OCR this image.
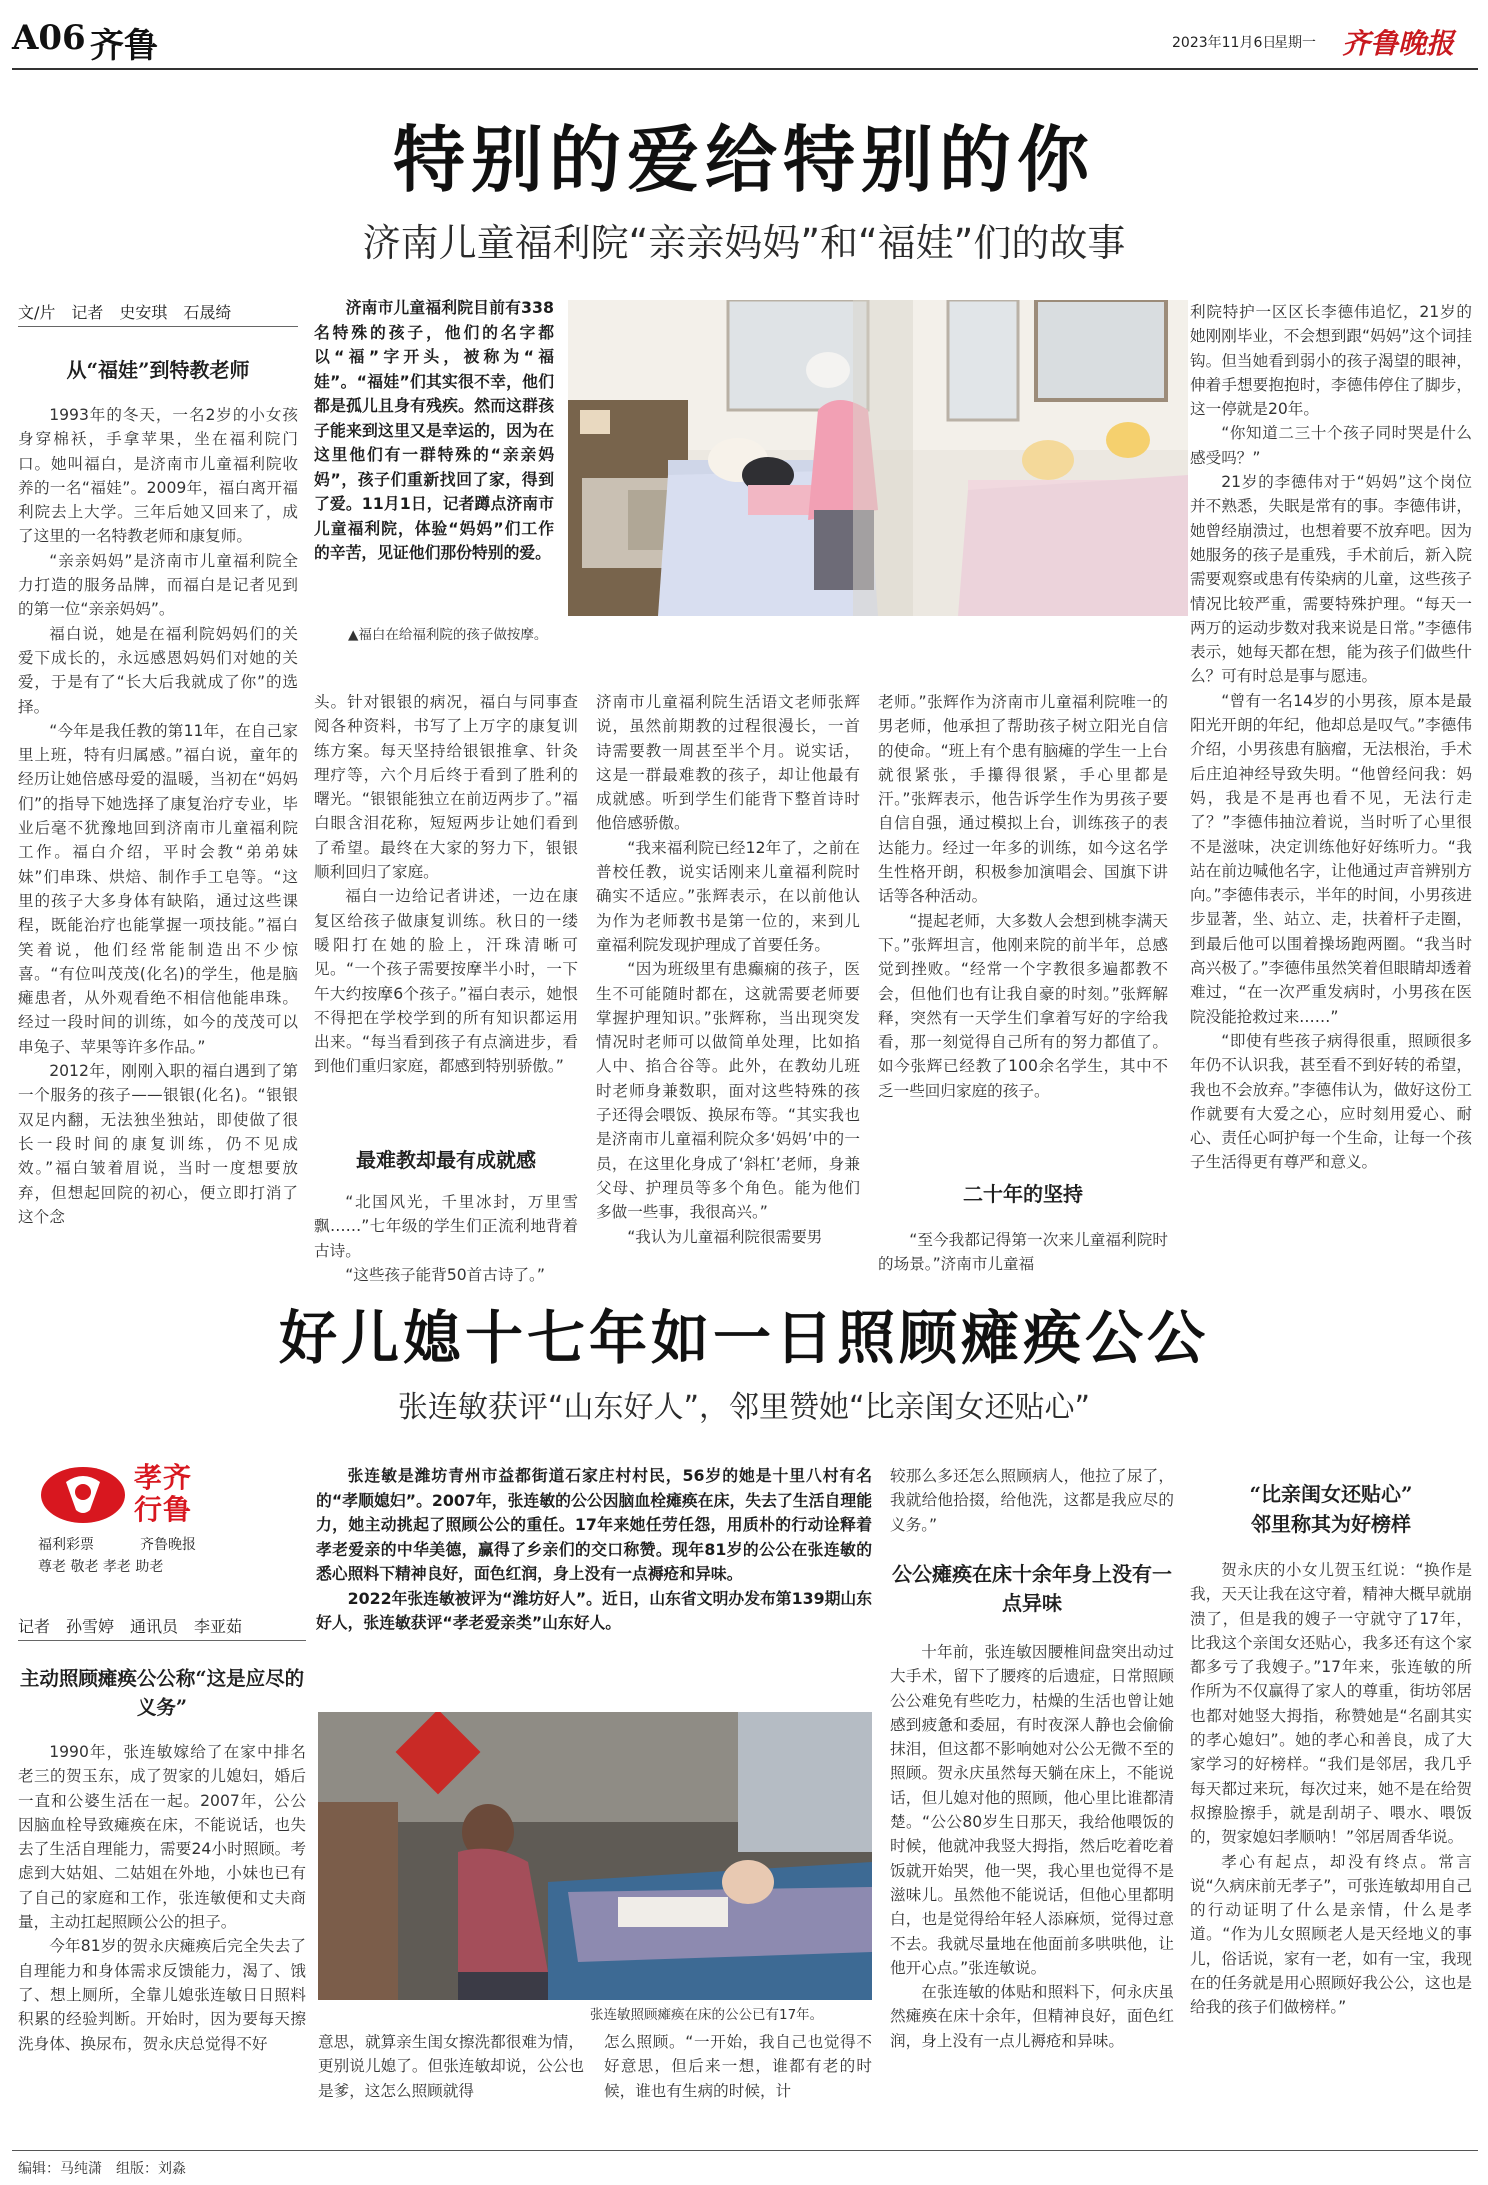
A06 齐鲁	2023年11月6日
星期一 齐鲁晚报
特别的爱给特别的你
济南儿童福利院“亲亲妈妈”和“福娃”们的故事
文/片　记者　史安琪　石晟绮
从“福娃”到特教老师

1993年的冬天，一名2岁的小女孩身穿棉袄，手拿苹果，坐在福利院门口。她叫福白，是济南市儿童福利院收养的一名“福娃”。2009年，福白离开福利院去上大学。三年后她又回来了，成了这里的一名特教老师和康复师。

“亲亲妈妈”是济南市儿童福利院全力打造的服务品牌，而福白是记者见到的第一位“亲亲妈妈”。

福白说，她是在福利院妈妈们的关爱下成长的，永远感恩妈妈们对她的关爱，于是有了“长大后我就成了你”的选择。

“今年是我任教的第11年，在自己家里上班，特有归属感。”福白说，童年的经历让她倍感母爱的温暖，当初在“妈妈们”的指导下她选择了康复治疗专业，毕业后毫不犹豫地回到济南市儿童福利院工作。福白介绍，平时会教“弟弟妹妹”们串珠、烘焙、制作手工皂等。“这里的孩子大多身体有缺陷，通过这些课程，既能治疗也能掌握一项技能。”福白笑着说，他们经常能制造出不少惊喜。“有位叫茂茂(化名)的学生，他是脑瘫患者，从外观看绝不相信他能串珠。经过一段时间的训练，如今的茂茂可以串兔子、苹果等许多作品。”

2012年，刚刚入职的福白遇到了第一个服务的孩子——银银(化名)。“银银双足内翻，无法独坐独站，即使做了很长一段时间的康复训练，仍不见成效。”福白皱着眉说，当时一度想要放弃，但想起回院的初心，便立即打消了这个念

济南市儿童福利院目前有338名特殊的孩子，他们的名字都以“福”字开头，被称为“福娃”。“福娃”们其实很不幸，他们都是孤儿且身有残疾。然而这群孩子能来到这里又是幸运的，因为在这里他们有一群特殊的“亲亲妈妈”，孩子们重新找回了家，得到了爱。11月1日，记者蹲点济南市儿童福利院，体验“妈妈”们工作的辛苦，见证他们那份特别的爱。

▲福白在给福利院的孩子做按摩。

头。针对银银的病况，福白与同事查阅各种资料，书写了上万字的康复训练方案。每天坚持给银银推拿、针灸理疗等，六个月后终于看到了胜利的曙光。“银银能独立在前迈两步了。”福白眼含泪花称，短短两步让她们看到了希望。最终在大家的努力下，银银顺利回归了家庭。

福白一边给记者讲述，一边在康复区给孩子做康复训练。秋日的一缕暖阳打在她的脸上，汗珠清晰可见。“一个孩子需要按摩半小时，一下午大约按摩6个孩子。”福白表示，她恨不得把在学校学到的所有知识都运用出来。“每当看到孩子有点滴进步，看到他们重归家庭，都感到特别骄傲。”

最难教却最有成就感

“北国风光，千里冰封，万里雪飘……”七年级的学生们正流利地背着古诗。

“这些孩子能背50首古诗了。”

济南市儿童福利院生活语文老师张辉说，虽然前期教的过程很漫长，一首诗需要教一周甚至半个月。说实话，这是一群最难教的孩子，却让他最有成就感。听到学生们能背下整首诗时他倍感骄傲。

“我来福利院已经12年了，之前在普校任教，说实话刚来儿童福利院时确实不适应。”张辉表示，在以前他认为作为老师教书是第一位的，来到儿童福利院发现护理成了首要任务。

“因为班级里有患癫痫的孩子，医生不可能随时都在，这就需要老师要掌握护理知识。”张辉称，当出现突发情况时老师可以做简单处理，比如掐人中、掐合谷等。此外，在教幼儿班时老师身兼数职，面对这些特殊的孩子还得会喂饭、换尿布等。“其实我也是济南市儿童福利院众多‘妈妈’中的一员，在这里化身成了‘斜杠’老师，身兼父母、护理员等多个角色。能为他们多做一些事，我很高兴。”

“我认为儿童福利院很需要男

老师。”张辉作为济南市儿童福利院唯一的男老师，他承担了帮助孩子树立阳光自信的使命。“班上有个患有脑瘫的学生一上台就很紧张，手攥得很紧，手心里都是汗。”张辉表示，他告诉学生作为男孩子要自信自强，通过模拟上台，训练孩子的表达能力。经过一年多的训练，如今这名学生性格开朗，积极参加演唱会、国旗下讲话等各种活动。

“提起老师，大多数人会想到桃李满天下。”张辉坦言，他刚来院的前半年，总感觉到挫败。“经常一个字教很多遍都教不会，但他们也有让我自豪的时刻。”张辉解释，突然有一天学生们拿着写好的字给我看，那一刻觉得自己所有的努力都值了。如今张辉已经教了100余名学生，其中不乏一些回归家庭的孩子。

二十年的坚持

“至今我都记得第一次来儿童福利院时的场景。”济南市儿童福

利院特护一区区长李德伟追忆，21岁的她刚刚毕业，不会想到跟“妈妈”这个词挂钩。但当她看到弱小的孩子渴望的眼神，伸着手想要抱抱时，李德伟停住了脚步，这一停就是20年。

“你知道二三十个孩子同时哭是什么感受吗？”

21岁的李德伟对于“妈妈”这个岗位并不熟悉，失眠是常有的事。李德伟讲，她曾经崩溃过，也想着要不放弃吧。因为她服务的孩子是重残，手术前后，新入院需要观察或患有传染病的儿童，这些孩子情况比较严重，需要特殊护理。“每天一两万的运动步数对我来说是日常。”李德伟表示，她每天都在想，能为孩子们做些什么？可有时总是事与愿违。

“曾有一名14岁的小男孩，原本是最阳光开朗的年纪，他却总是叹气。”李德伟介绍，小男孩患有脑瘤，无法根治，手术后庄迫神经导致失明。“他曾经问我：妈妈，我是不是再也看不见，无法行走了？”李德伟抽泣着说，当时听了心里很不是滋味，决定训练他好好练听力。“我站在前边喊他名字，让他通过声音辨别方向。”李德伟表示，半年的时间，小男孩进步显著，坐、站立、走，扶着杆子走圈，到最后他可以围着操场跑两圈。“我当时高兴极了。”李德伟虽然笑着但眼睛却透着难过，“在一次严重发病时，小男孩在医院没能抢救过来……”

“即使有些孩子病得很重，照顾很多年仍不认识我，甚至看不到好转的希望，我也不会放弃。”李德伟认为，做好这份工作就要有大爱之心，应时刻用爱心、耐心、责任心呵护每一个生命，让每一个孩子生活得更有尊严和意义。

好儿媳十七年如一日照顾瘫痪公公
张连敏获评“山东好人”，邻里赞她“比亲闺女还贴心”
孝齐行鲁
福利彩票	齐鲁晚报
尊老 敬老 孝老 助老
记者　孙雪婷　通讯员　李亚茹
主动照顾瘫痪公公称“这是应尽的义务”

1990年，张连敏嫁给了在家中排名老三的贺玉东，成了贺家的儿媳妇，婚后一直和公婆生活在一起。2007年，公公因脑血栓导致瘫痪在床，不能说话，也失去了生活自理能力，需要24小时照顾。考虑到大姑姐、二姑姐在外地，小妹也已有了自己的家庭和工作，张连敏便和丈夫商量，主动扛起照顾公公的担子。

今年81岁的贺永庆瘫痪后完全失去了自理能力和身体需求反馈能力，渴了、饿了、想上厕所，全靠儿媳张连敏日日照料积累的经验判断。开始时，因为要每天擦洗身体、换尿布，贺永庆总觉得不好

张连敏是潍坊青州市益都街道石家庄村村民，56岁的她是十里八村有名的“孝顺媳妇”。2007年，张连敏的公公因脑血栓瘫痪在床，失去了生活自理能力，她主动挑起了照顾公公的重任。17年来她任劳任怨，用质朴的行动诠释着孝老爱亲的中华美德，赢得了乡亲们的交口称赞。现年81岁的公公在张连敏的悉心照料下精神良好，面色红润，身上没有一点褥疮和异味。

2022年张连敏被评为“潍坊好人”。近日，山东省文明办发布第139期山东好人，张连敏获评“孝老爱亲类”山东好人。

张连敏照顾瘫痪在床的公公已有17年。

意思，就算亲生闺女擦洗都很难为情，更别说儿媳了。但张连敏却说，公公也是爹，这怎么照顾就得

怎么照顾。“一开始，我自己也觉得不好意思，但后来一想，谁都有老的时候，谁也有生病的时候，计

较那么多还怎么照顾病人，他拉了尿了，我就给他拾掇，给他洗，这都是我应尽的义务。”

公公瘫痪在床十余年身上没有一点异味

十年前，张连敏因腰椎间盘突出动过大手术，留下了腰疼的后遗症，日常照顾公公难免有些吃力，枯燥的生活也曾让她感到疲惫和委屈，有时夜深人静也会偷偷抹泪，但这都不影响她对公公无微不至的照顾。贺永庆虽然每天躺在床上，不能说话，但儿媳对他的照顾，他心里比谁都清楚。“公公80岁生日那天，我给他喂饭的时候，他就冲我竖大拇指，然后吃着吃着饭就开始哭，他一哭，我心里也觉得不是滋味儿。虽然他不能说话，但他心里都明白，也是觉得给年轻人添麻烦，觉得过意不去。我就尽量地在他面前多哄哄他，让他开心点。”张连敏说。

在张连敏的体贴和照料下，何永庆虽然瘫痪在床十余年，但精神良好，面色红润，身上没有一点儿褥疮和异味。

“比亲闺女还贴心”
邻里称其为好榜样

贺永庆的小女儿贺玉红说：“换作是我，天天让我在这守着，精神大概早就崩溃了，但是我的嫂子一守就守了17年，比我这个亲闺女还贴心，我多还有这个家都多亏了我嫂子。”17年来，张连敏的所作所为不仅赢得了家人的尊重，街坊邻居也都对她竖大拇指，称赞她是“名副其实的孝心媳妇”。她的孝心和善良，成了大家学习的好榜样。“我们是邻居，我几乎每天都过来玩，每次过来，她不是在给贺叔擦脸擦手，就是刮胡子、喂水、喂饭的，贺家媳妇孝顺呐！”邻居周香华说。

孝心有起点，却没有终点。常言说“久病床前无孝子”，可张连敏却用自己的行动证明了什么是亲情，什么是孝道。“作为儿女照顾老人是天经地义的事儿，俗话说，家有一老，如有一宝，我现在的任务就是用心照顾好我公公，这也是给我的孩子们做榜样。”

编辑：马纯潇　组版：刘淼
